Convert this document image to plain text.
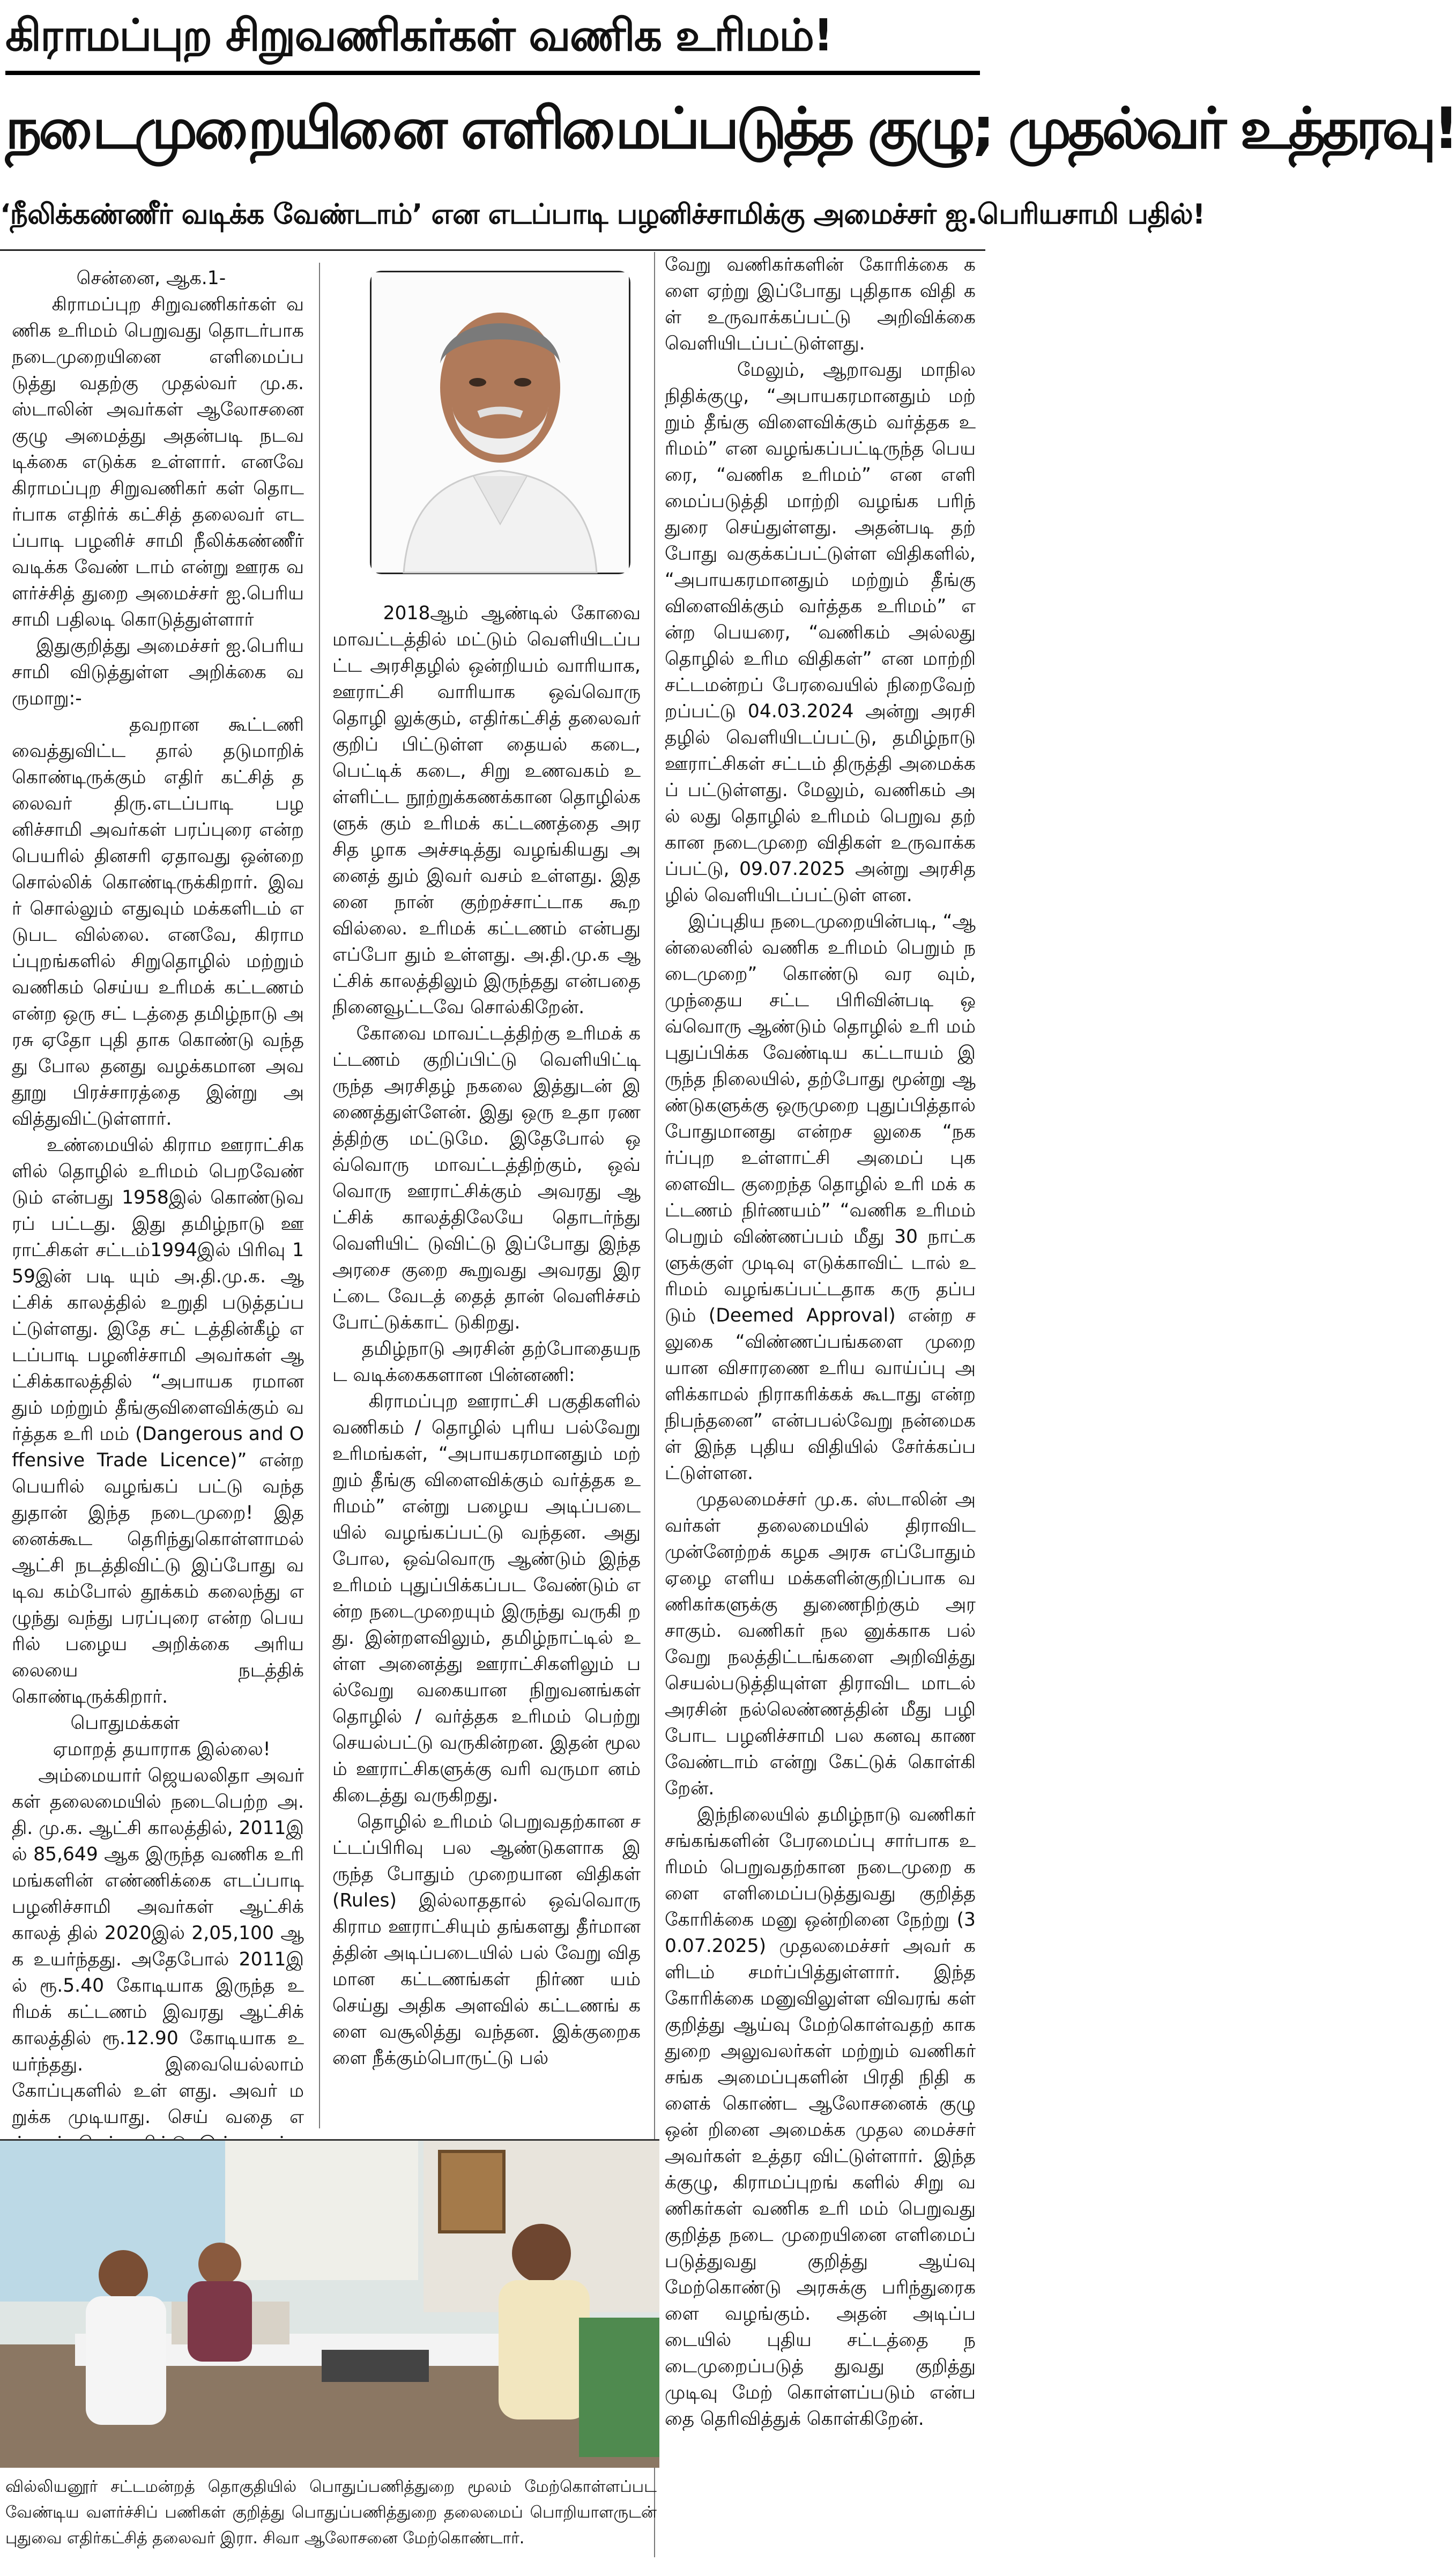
கிராமப்புற சிறுவணிகர்கள் வணிக உரிமம்!
நடைமுறையினை எளிமைப்படுத்த குழு; முதல்வர் உத்தரவு!
‘நீலிக்கண்ணீர் வடிக்க வேண்டாம்’ என எடப்பாடி பழனிச்சாமிக்கு அமைச்சர் ஐ.பெரியசாமி பதில்!
சென்னை, ஆக.1-
கிராமப்புற சிறுவணிகர்கள் வணிக உரிமம் பெறுவது தொடர்பாக நடைமுறையினை எளிமைப்படுத்து வதற்கு முதல்வர் மு.க. ஸ்டாலின் அவர்கள் ஆலோசனை குழு அமைத்து அதன்படி நடவடிக்கை எடுக்க உள்ளார். எனவே கிராமப்புற சிறுவணிகர் கள் தொடர்பாக எதிர்க் கட்சித் தலைவர் எடப்பாடி பழனிச் சாமி நீலிக்கண்ணீர் வடிக்க வேண் டாம் என்று ஊரக வளர்ச்சித் துறை அமைச்சர் ஐ.பெரியசாமி பதிலடி கொடுத்துள்ளார்
இதுகுறித்து அமைச்சர் ஐ.பெரிய சாமி விடுத்துள்ள அறிக்கை வருமாறு:-
தவறான கூட்டணி வைத்துவிட்ட தால் தடுமாறிக் கொண்டிருக்கும் எதிர் கட்சித் தலைவர் திரு.எடப்பாடி பழ னிச்சாமி அவர்கள் பரப்புரை என்ற பெயரில் தினசரி ஏதாவது ஒன்றை சொல்லிக் கொண்டிருக்கிறார். இவர் சொல்லும் எதுவும் மக்களிடம் எடுபட வில்லை. எனவே, கிராமப்புறங்களில் சிறுதொழில் மற்றும் வணிகம் செய்ய உரிமக் கட்டணம் என்ற ஒரு சட் டத்தை தமிழ்நாடு அரசு ஏதோ புதி தாக கொண்டு வந்தது போல தனது வழக்கமான அவதூறு பிரச்சாரத்தை இன்று அவித்துவிட்டுள்ளார்.
உண்மையில் கிராம ஊராட்சிக ளில் தொழில் உரிமம் பெறவேண் டும் என்பது 1958இல் கொண்டுவரப் பட்டது. இது தமிழ்நாடு ஊராட்சிகள் சட்டம்1994இல் பிரிவு 159இன் படி யும் அ.தி.மு.க. ஆட்சிக் காலத்தில் உறுதி படுத்தப்பட்டுள்ளது. இதே சட் டத்தின்கீழ் எடப்பாடி பழனிச்சாமி அவர்கள் ஆட்சிக்காலத்தில் “அபாயக ரமானதும் மற்றும் தீங்குவிளைவிக்கும் வர்த்தக உரி மம் (Dangerous and Offensive Trade Licence)” என்ற பெயரில் வழங்கப் பட்டு வந்ததுதான் இந்த நடைமுறை! இதனைக்கூட தெரிந்துகொள்ளாமல் ஆட்சி நடத்திவிட்டு இப்போது வடிவ கம்போல் தூக்கம் கலைந்து எழுந்து வந்து பரப்புரை என்ற பெயரில் பழைய அறிக்கை அரியலையை நடத்திக் கொண்டிருக்கிறார்.
பொதுமக்கள்
ஏமாறத் தயாராக இல்லை!
அம்மையார் ஜெயலலிதா அவர் கள் தலைமையில் நடைபெற்ற அ.தி. மு.க. ஆட்சி காலத்தில், 2011இல் 85,649 ஆக இருந்த வணிக உரி மங்களின் எண்ணிக்கை எடப்பாடி பழனிச்சாமி அவர்கள் ஆட்சிக் காலத் தில் 2020இல் 2,05,100 ஆக உயர்ந்தது. அதேபோல் 2011இல் ரூ.5.40 கோடியாக இருந்த உரிமக் கட்டணம் இவரது ஆட்சிக் காலத்தில் ரூ.12.90 கோடியாக உயர்ந்தது. இவையெல்லாம் கோப்புகளில் உள் ளது. அவர் மறுக்க முடியாது. செய் வதை எ
2018ஆம் ஆண்டில் கோவை மாவட்டத்தில் மட்டும் வெளியிடப்பட்ட அரசிதழில் ஒன்றியம் வாரியாக, ஊராட்சி வாரியாக ஒவ்வொரு தொழி லுக்கும், எதிர்கட்சித் தலைவர் குறிப் பிட்டுள்ள தையல் கடை, பெட்டிக் கடை, சிறு உணவகம் உள்ளிட்ட நூற்றுக்கணக்கான தொழில்களுக் கும் உரிமக் கட்டணத்தை அரசித ழாக அச்சடித்து வழங்கியது அனைத் தும் இவர் வசம் உள்ளது. இதனை நான் குற்றச்சாட்டாக கூறவில்லை. உரிமக் கட்டணம் என்பது எப்போ தும் உள்ளது. அ.தி.மு.க ஆட்சிக் காலத்திலும் இருந்தது என்பதை நினைவூட்டவே சொல்கிறேன்.
கோவை மாவட்டத்திற்கு உரிமக் கட்டணம் குறிப்பிட்டு வெளியிட்டி ருந்த அரசிதழ் நகலை இத்துடன் இணைத்துள்ளேன். இது ஒரு உதா ரணத்திற்கு மட்டுமே. இதேபோல் ஒவ்வொரு மாவட்டத்திற்கும், ஒவ் வொரு ஊராட்சிக்கும் அவரது ஆட்சிக் காலத்திலேயே தொடர்ந்து வெளியிட் டுவிட்டு இப்போது இந்த அரசை குறை கூறுவது அவரது இரட்டை வேடத் தைத் தான் வெளிச்சம் போட்டுக்காட் டுகிறது.
தமிழ்நாடு அரசின் தற்போதையநட வடிக்கைகளான பின்னணி:
கிராமப்புற ஊராட்சி பகுதிகளில் வணிகம் / தொழில் புரிய பல்வேறு உரிமங்கள், “அபாயகரமானதும் மற் றும் தீங்கு விளைவிக்கும் வர்த்தக உரிமம்” என்று பழைய அடிப்படை யில் வழங்கப்பட்டு வந்தன. அது போல, ஒவ்வொரு ஆண்டும் இந்த உரிமம் புதுப்பிக்கப்பட வேண்டும் என்ற நடைமுறையும் இருந்து வருகி றது. இன்றளவிலும், தமிழ்நாட்டில் உள்ள அனைத்து ஊராட்சிகளிலும் பல்வேறு வகையான நிறுவனங்கள் தொழில் / வர்த்தக உரிமம் பெற்று செயல்பட்டு வருகின்றன. இதன் மூலம் ஊராட்சிகளுக்கு வரி வருமா னம் கிடைத்து வருகிறது.
தொழில் உரிமம் பெறுவதற்கான சட்டப்பிரிவு பல ஆண்டுகளாக இருந்த போதும் முறையான விதிகள் (Rules) இல்லாததால் ஒவ்வொரு கிராம ஊராட்சியும் தங்களது தீர்மானத்தின் அடிப்படையில் பல் வேறு விதமான கட்டணங்கள் நிர்ண யம் செய்து அதிக அளவில் கட்டணங் களை வசூலித்து வந்தன. இக்குறைகளை நீக்கும்பொருட்டு பல்
வேறு வணிகர்களின் கோரிக்கை களை ஏற்று இப்போது புதிதாக விதி கள் உருவாக்கப்பட்டு அறிவிக்கை வெளியிடப்பட்டுள்ளது.
மேலும், ஆறாவது மாநில நிதிக்குழு, “அபாயகரமானதும் மற் றும் தீங்கு விளைவிக்கும் வர்த்தக உரிமம்” என வழங்கப்பட்டிருந்த பெயரை, “வணிக உரிமம்” என எளி மைப்படுத்தி மாற்றி வழங்க பரிந் துரை செய்துள்ளது. அதன்படி தற் போது வகுக்கப்பட்டுள்ள விதிகளில், “அபாயகரமானதும் மற்றும் தீங்கு விளைவிக்கும் வர்த்தக உரிமம்” என்ற பெயரை, “வணிகம் அல்லது தொழில் உரிம விதிகள்” என மாற்றி சட்டமன்றப் பேரவையில் நிறைவேற் றப்பட்டு 04.03.2024 அன்று அரசி தழில் வெளியிடப்பட்டு, தமிழ்நாடு ஊராட்சிகள் சட்டம் திருத்தி அமைக்கப் பட்டுள்ளது. மேலும், வணிகம் அல் லது தொழில் உரிமம் பெறுவ தற் கான நடைமுறை விதிகள் உருவாக்கப்பட்டு, 09.07.2025 அன்று அரசிதழில் வெளியிடப்பட்டுள் ளன.
இப்புதிய நடைமுறையின்படி, “ஆன்லைனில் வணிக உரிமம் பெறும் நடைமுறை” கொண்டு வர வும், முந்தைய சட்ட பிரிவின்படி ஒவ்வொரு ஆண்டும் தொழில் உரி மம் புதுப்பிக்க வேண்டிய கட்டாயம் இருந்த நிலையில், தற்போது மூன்று ஆண்டுகளுக்கு ஒருமுறை புதுப்பித்தால் போதுமானது என்றச லுகை “நகர்ப்புற உள்ளாட்சி அமைப் புகளைவிட குறைந்த தொழில் உரி மக் கட்டணம் நிர்ணயம்” “வணிக உரிமம் பெறும் விண்ணப்பம் மீது 30 நாட்களுக்குள் முடிவு எடுக்காவிட் டால் உரிமம் வழங்கப்பட்டதாக கரு தப்படும் (Deemed Approval) என்ற சலுகை “விண்ணப்பங்களை முறை யான விசாரணை உரிய வாய்ப்பு அளிக்காமல் நிராகரிக்கக் கூடாது என்ற நிபந்தனை” என்பபல்வேறு நன்மைகள் இந்த புதிய விதியில் சேர்க்கப்பட்டுள்ளன.
முதலமைச்சர் மு.க. ஸ்டாலின் அவர்கள் தலைமையில் திராவிட முன்னேற்றக் கழக அரசு எப்போதும் ஏழை எளிய மக்களின்குறிப்பாக வணிகர்களுக்கு துணைநிற்கும் அர சாகும். வணிகர் நல னுக்காக பல் வேறு நலத்திட்டங்களை அறிவித்து செயல்படுத்தியுள்ள திராவிட மாடல் அரசின் நல்லெண்ணத்தின் மீது பழி போட பழனிச்சாமி பல கனவு காண வேண்டாம் என்று கேட்டுக் கொள்கி றேன்.
இந்நிலையில் தமிழ்நாடு வணிகர் சங்கங்களின் பேரமைப்பு சார்பாக உரிமம் பெறுவதற்கான நடைமுறை களை எளிமைப்படுத்துவது குறித்த கோரிக்கை மனு ஒன்றினை நேற்று (30.07.2025) முதலமைச்சர் அவர் களிடம் சமர்ப்பித்துள்ளார். இந்த கோரிக்கை மனுவிலுள்ள விவரங் கள் குறித்து ஆய்வு மேற்கொள்வதற் காக துறை அலுவலர்கள் மற்றும் வணிகர் சங்க அமைப்புகளின் பிரதி நிதி களைக் கொண்ட ஆலோசனைக் குழு ஒன் றினை அமைக்க முதல மைச்சர் அவர்கள் உத்தர விட்டுள்ளார். இந்தக்குழு, கிராமப்புறங் களில் சிறு வணிகர்கள் வணிக உரி மம் பெறுவது குறித்த நடை முறையினை எளிமைப் படுத்துவது குறித்து ஆய்வு மேற்கொண்டு அரசுக்கு பரிந்துரைகளை வழங்கும். அதன் அடிப்படையில் புதிய சட்டத்தை நடைமுறைப்படுத் துவது குறித்து முடிவு மேற் கொள்ளப்படும் என்பதை தெரிவித்துக் கொள்கிறேன்.
வில்லியனூர் சட்டமன்றத் தொகுதியில் பொதுப்பணித்துறை மூலம் மேற்கொள்ளப்பட வேண்டிய வளர்ச்சிப் பணிகள் குறித்து பொதுப்பணித்துறை தலைமைப் பொறியாளருடன் புதுவை எதிர்கட்சித் தலைவர் இரா. சிவா ஆலோசனை மேற்கொண்டார்.
